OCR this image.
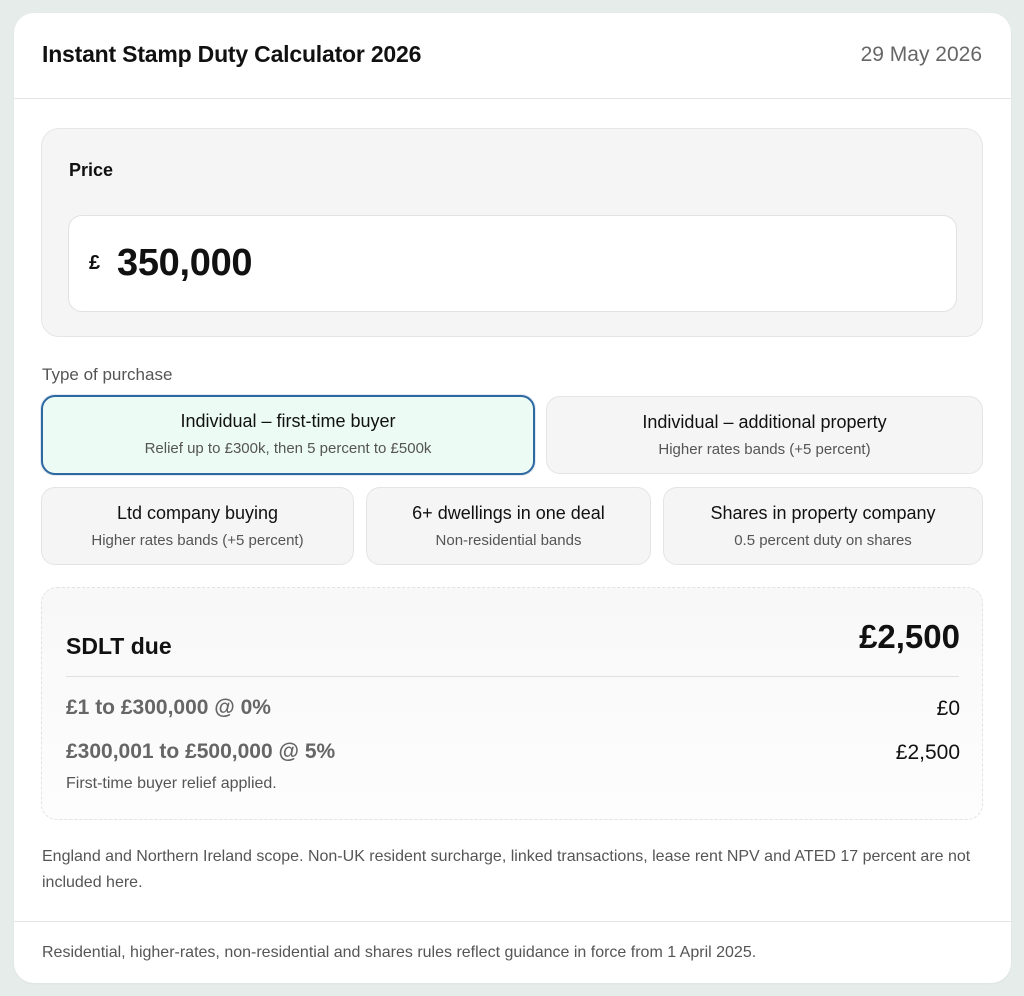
Instant Stamp Duty Calculator 2026	29 May 2026
Price
£ 350,000
Type of purchase
Individual – first-time buyer
Relief up to £300k, then 5 percent to £500k
Individual – additional property
Higher rates bands (+5 percent)
Ltd company buying
Higher rates bands (+5 percent)
6+ dwellings in one deal
Non-residential bands
Shares in property company
0.5 percent duty on shares
SDLT due	£2,500
£1 to £300,000 @ 0%	£0
£300,001 to £500,000 @ 5%	£2,500
First-time buyer relief applied.
England and Northern Ireland scope. Non-UK resident surcharge, linked transactions, lease rent NPV and ATED 17 percent are not included here.
Residential, higher-rates, non-residential and shares rules reflect guidance in force from 1 April 2025.
